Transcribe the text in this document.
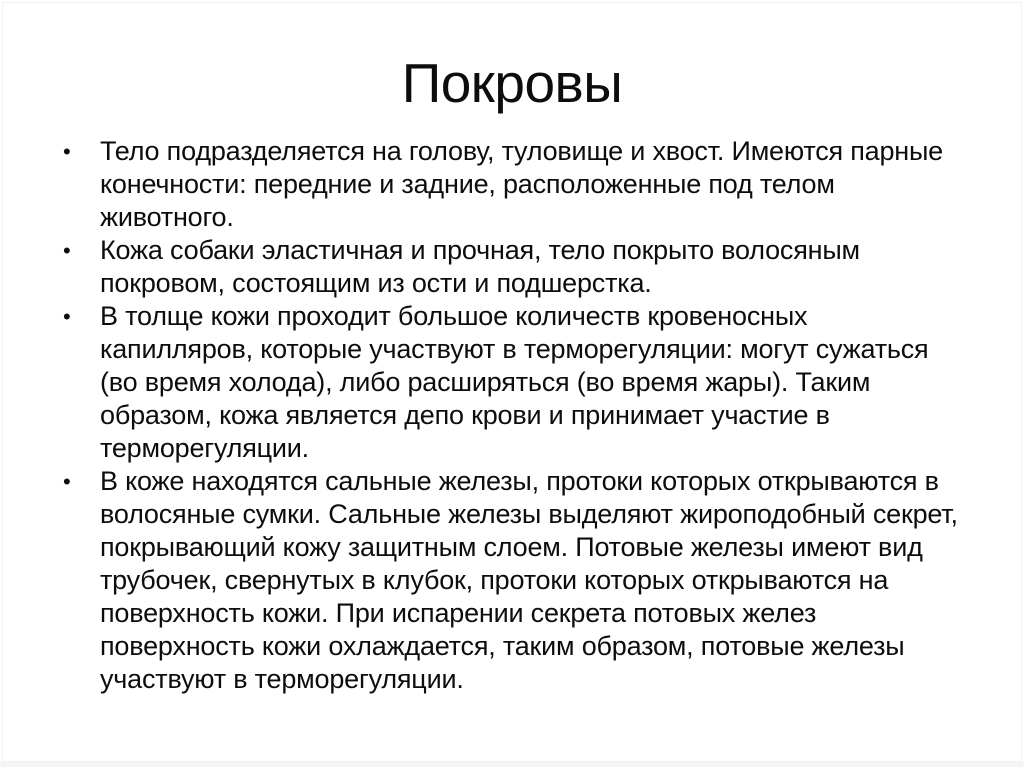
Покровы
•	Тело подразделяется на голову, туловище и хвост. Имеются парные конечности: передние и задние, расположенные под телом животного.
•	Кожа собаки эластичная и прочная, тело покрыто волосяным покровом, состоящим из ости и подшерстка.
•	В толще кожи проходит большое количеств кровеносных капилляров, которые участвуют в терморегуляции: могут сужаться (во время холода), либо расширяться (во время жары). Таким образом, кожа является депо крови и принимает участие в терморегуляции.
•	В коже находятся сальные железы, протоки которых открываются в волосяные сумки. Сальные железы выделяют жироподобный секрет, покрывающий кожу защитным слоем. Потовые железы имеют вид трубочек, свернутых в клубок, протоки которых открываются на поверхность кожи. При испарении секрета потовых желез поверхность кожи охлаждается, таким образом, потовые железы участвуют в терморегуляции.
